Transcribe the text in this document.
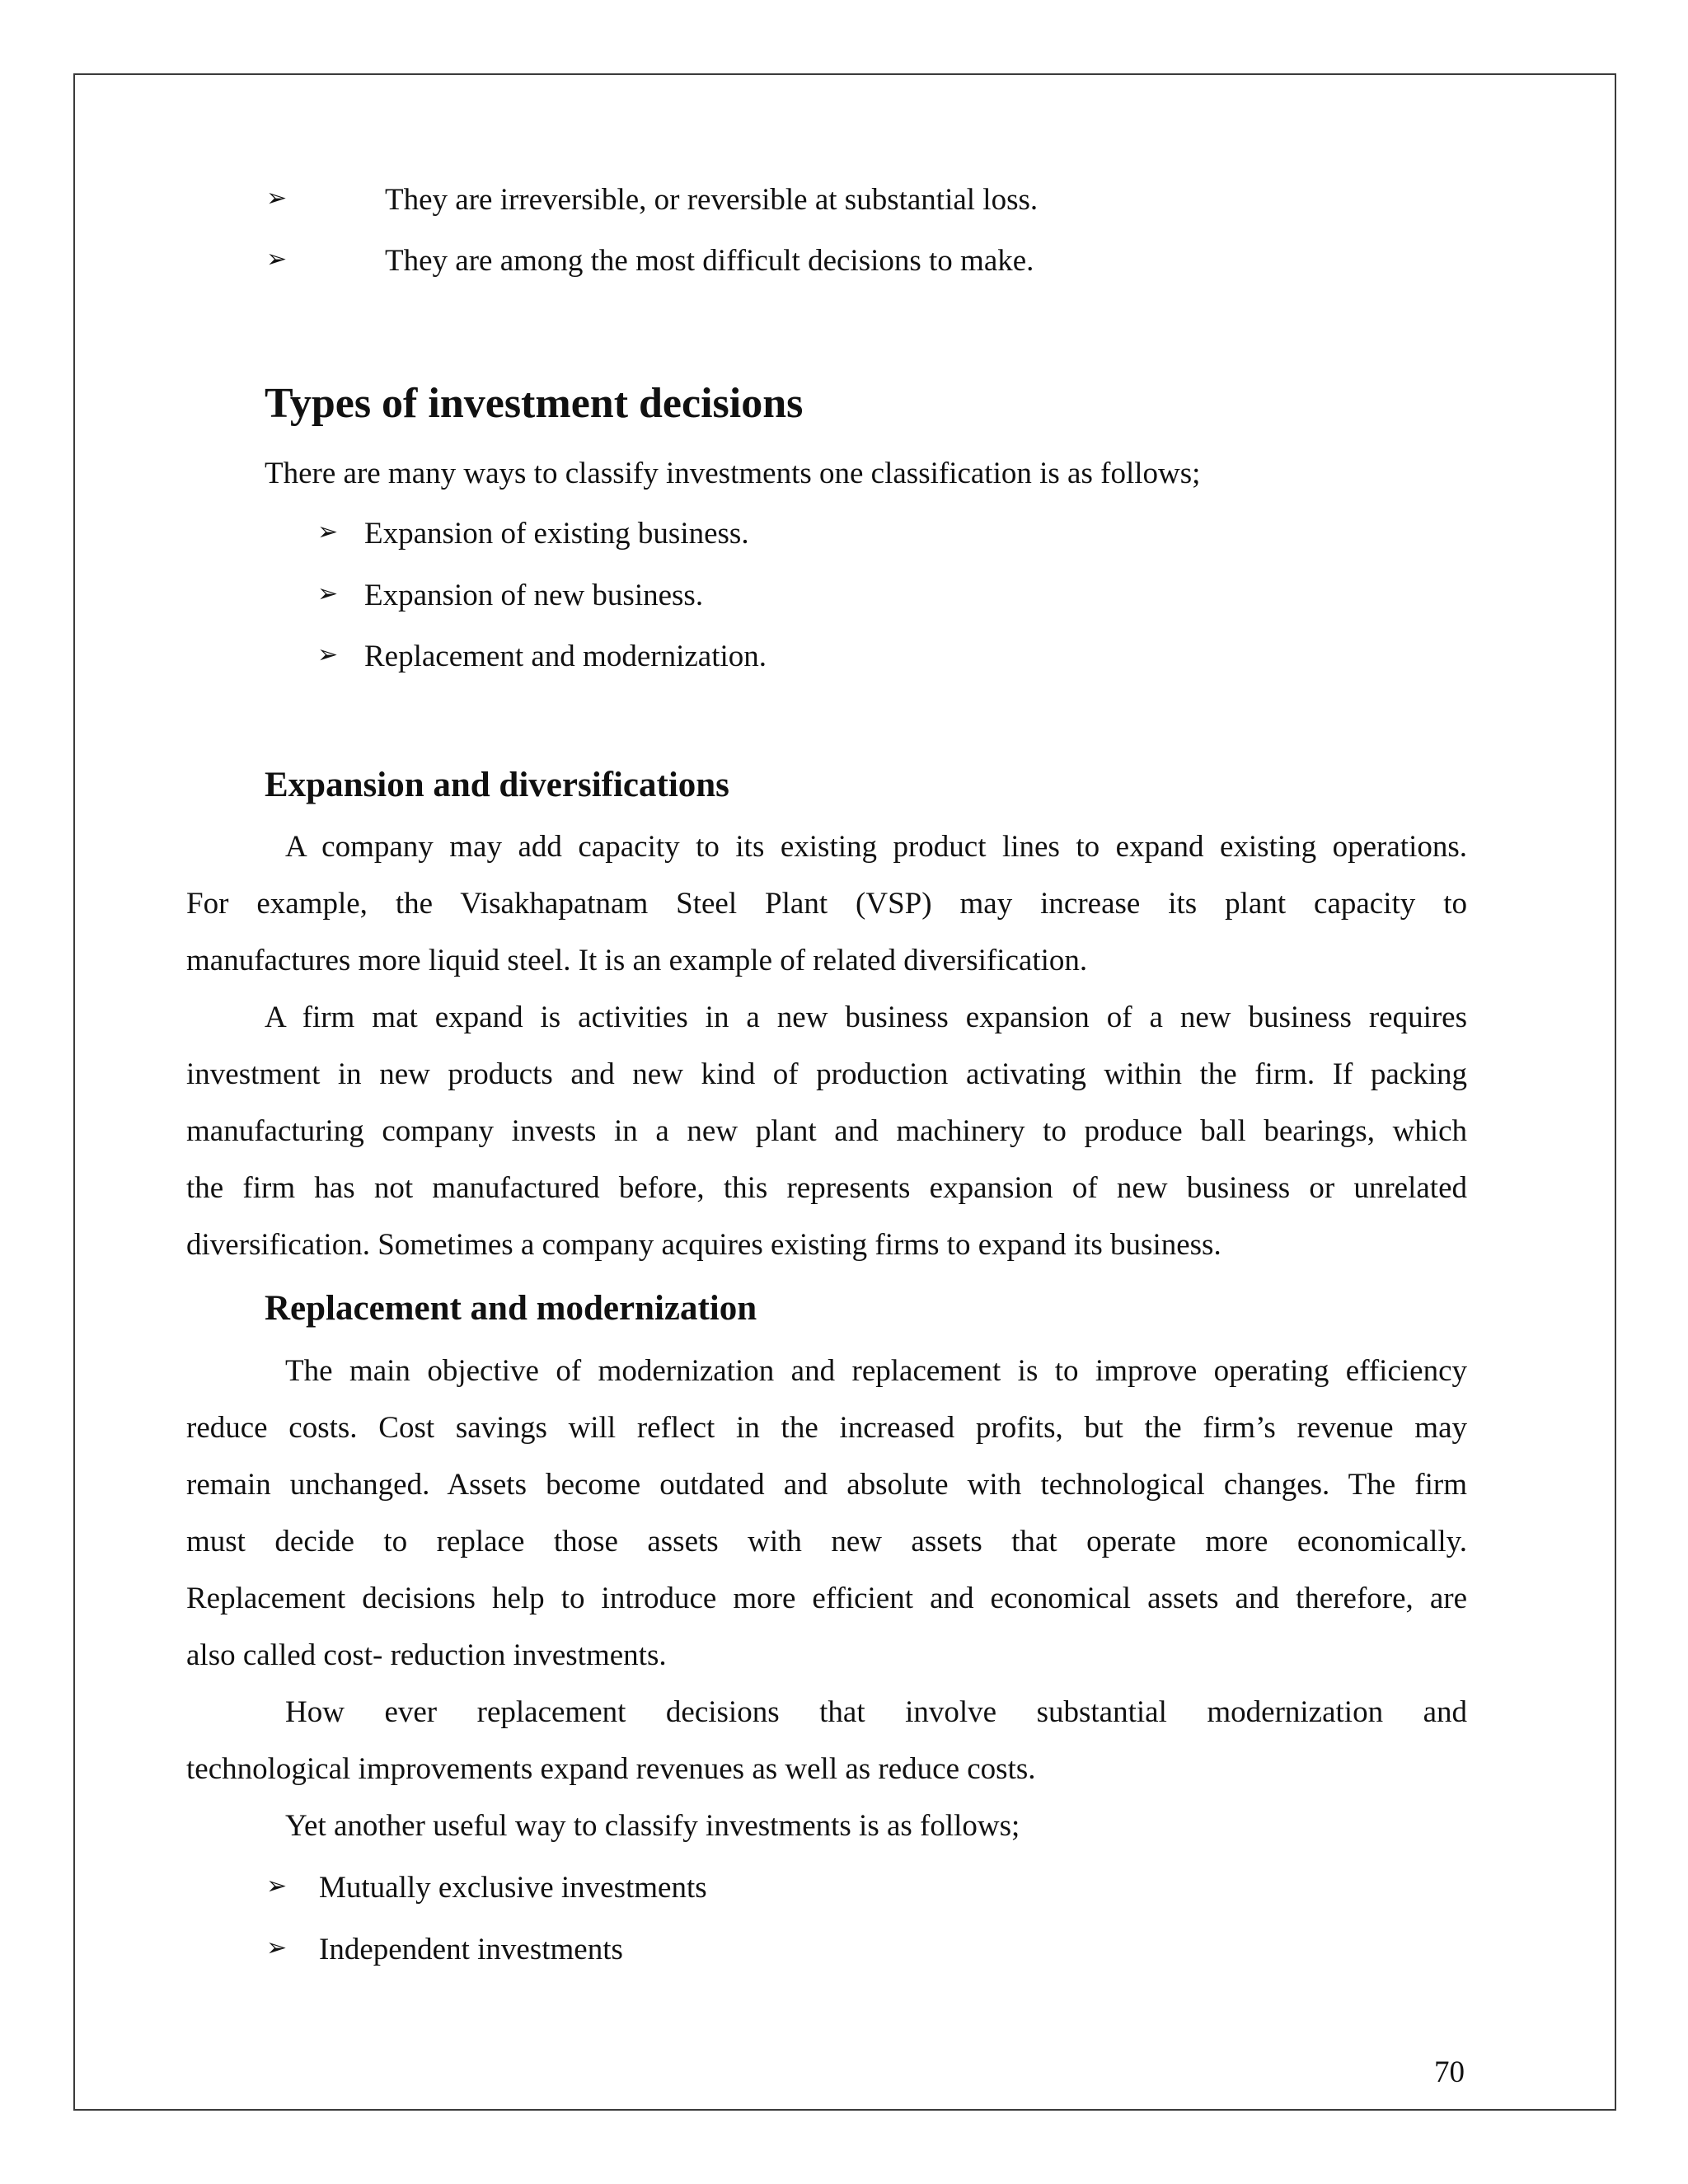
➢	They are irreversible, or reversible at substantial loss.
➢	They are among the most difficult decisions to make.
Types of investment decisions
There are many ways to classify investments one classification is as follows;
➢ Expansion of existing business.
➢ Expansion of new business.
➢ Replacement and modernization.
Expansion and diversifications
A company may add capacity to its existing product lines to expand existing operations.
For example, the Visakhapatnam Steel Plant (VSP) may increase its plant capacity to
manufactures more liquid steel. It is an example of related diversification.
A firm mat expand is activities in a new business expansion of a new business requires
investment in new products and new kind of production activating within the firm. If packing
manufacturing company invests in a new plant and machinery to produce ball bearings, which
the firm has not manufactured before, this represents expansion of new business or unrelated
diversification. Sometimes a company acquires existing firms to expand its business.
Replacement and modernization
The main objective of modernization and replacement is to improve operating efficiency
reduce costs. Cost savings will reflect in the increased profits, but the firm’s revenue may
remain unchanged. Assets become outdated and absolute with technological changes. The firm
must decide to replace those assets with new assets that operate more economically.
Replacement decisions help to introduce more efficient and economical assets and therefore, are
also called cost- reduction investments.
How ever replacement decisions that involve substantial modernization and
technological improvements expand revenues as well as reduce costs.
Yet another useful way to classify investments is as follows;
➢ Mutually exclusive investments
➢ Independent investments
70
